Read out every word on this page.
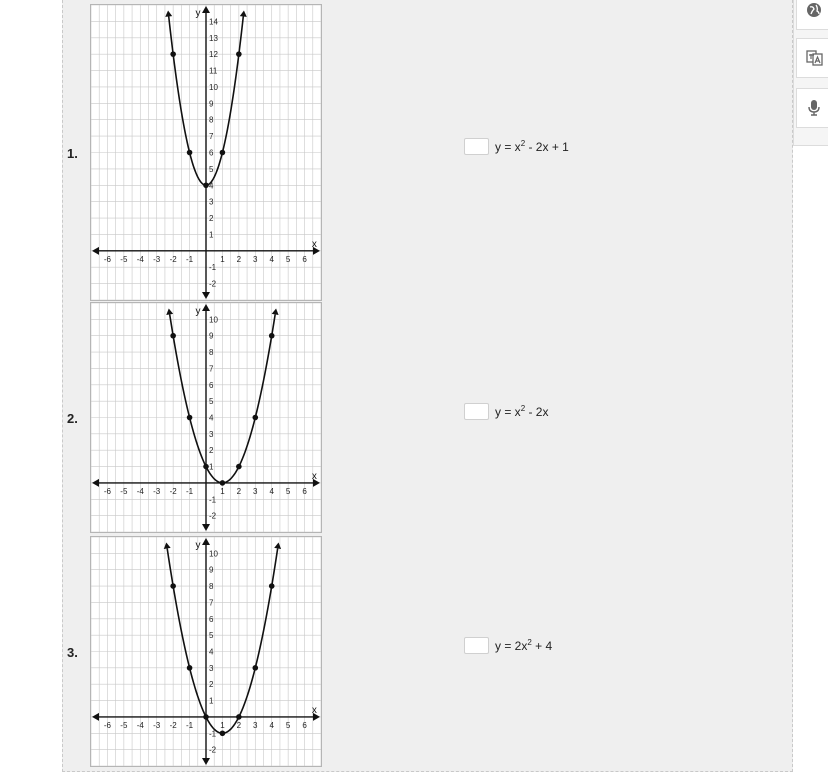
1.
-6 -5 -4 -3 -2 -1	1 2 3 4 5 6
-2
-1
1
2
3
4
5
6
7
8
9
10
11
12
13
14
x
y
$y = x^2 - 2x + 1$
2.
-6 -5 -4 -3 -2 -1	1 2 3 4 5 6
-2
-1
1
2
3
4
5
6
7
8
9
10
x
y
$y = x^2 - 2x$
3.
-6 -5 -4 -3 -2 -1	1 2 3 4 5 6
-2
-1
1
2
3
4
5
6
7
8
9
10
x
y
$y = 2x^2 + 4$
